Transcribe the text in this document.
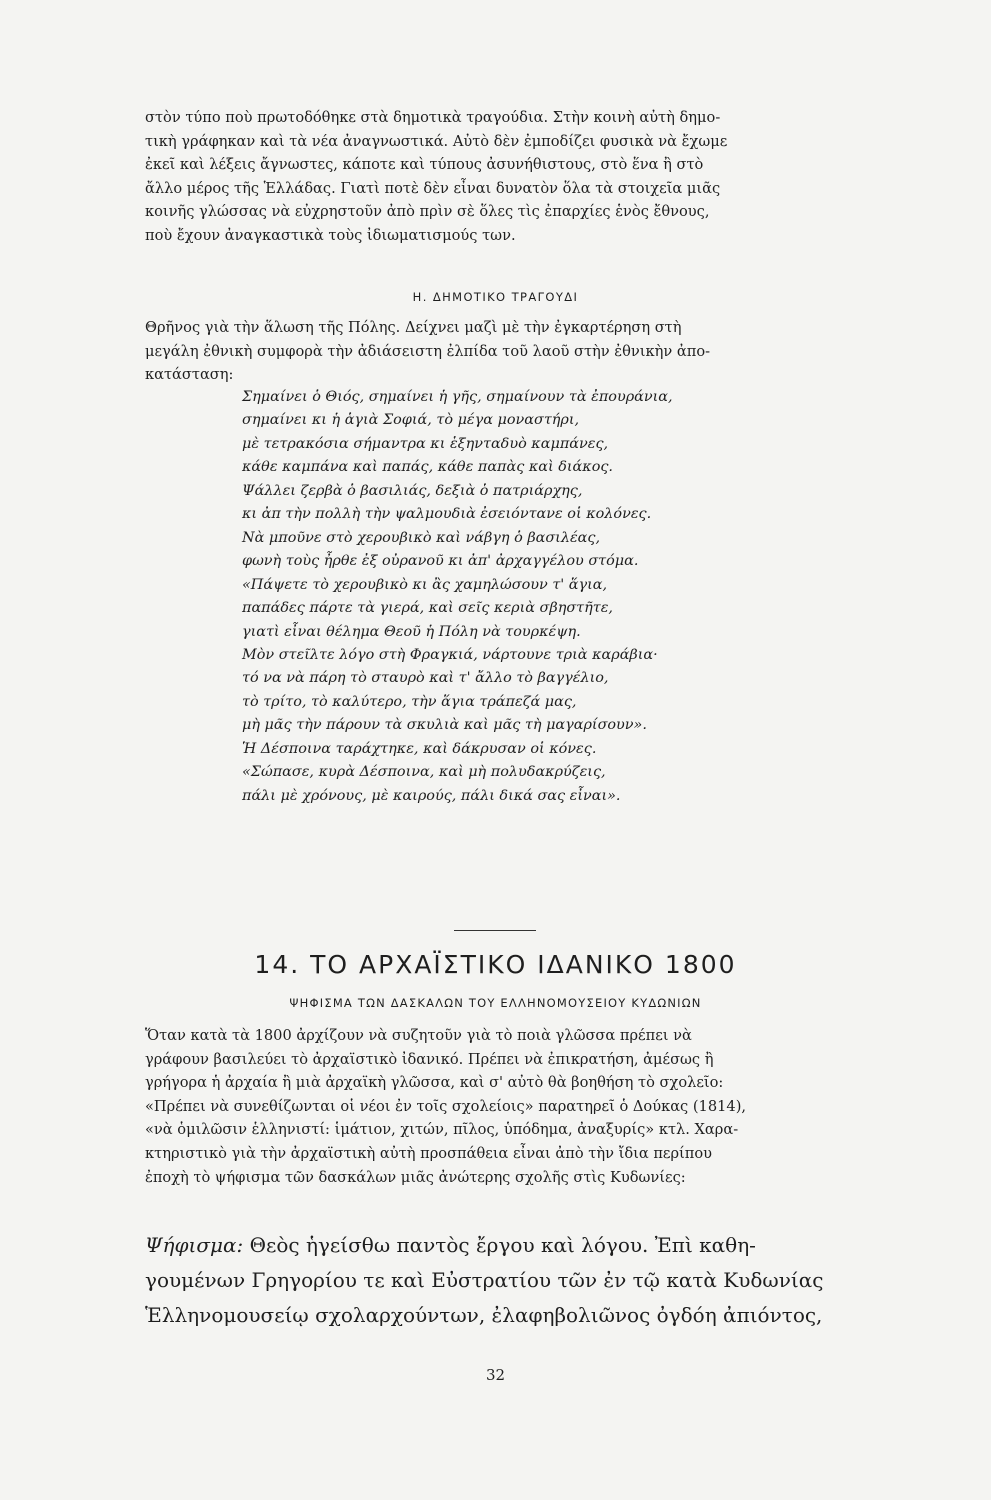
στὸν τύπο ποὺ πρωτοδόθηκε στὰ δημοτικὰ τραγούδια. Στὴν κοινὴ αὐτὴ δημο-
τικὴ γράφηκαν καὶ τὰ νέα ἀναγνωστικά. Αὐτὸ δὲν ἐμποδίζει φυσικὰ νὰ ἔχωμε
ἐκεῖ καὶ λέξεις ἄγνωστες, κάποτε καὶ τύπους ἀσυνήθιστους, στὸ ἕνα ἢ στὸ
ἄλλο μέρος τῆς Ἑλλάδας. Γιατὶ ποτὲ δὲν εἶναι δυνατὸν ὅλα τὰ στοιχεῖα μιᾶς
κοινῆς γλώσσας νὰ εὐχρηστοῦν ἀπὸ πρὶν σὲ ὅλες τὶς ἐπαρχίες ἑνὸς ἔθνους,
ποὺ ἔχουν ἀναγκαστικὰ τοὺς ἰδιωματισμούς των.
Η. ΔΗΜΟΤΙΚΟ ΤΡΑΓΟΥΔΙ
Θρῆνος γιὰ τὴν ἅλωση τῆς Πόλης. Δείχνει μαζὶ μὲ τὴν ἐγκαρτέρηση στὴ
μεγάλη ἐθνικὴ συμφορὰ τὴν ἀδιάσειστη ἐλπίδα τοῦ λαοῦ στὴν ἐθνικὴν ἀπο-
κατάσταση:
Σημαίνει ὁ Θιός, σημαίνει ἡ γῆς, σημαίνουν τὰ ἐπουράνια,
σημαίνει κι ἡ ἁγιὰ Σοφιά, τὸ μέγα μοναστήρι,
μὲ τετρακόσια σήμαντρα κι ἑξηνταδυὸ καμπάνες,
κάθε καμπάνα καὶ παπάς, κάθε παπὰς καὶ διάκος.
Ψάλλει ζερβὰ ὁ βασιλιάς, δεξιὰ ὁ πατριάρχης,
κι ἀπ τὴν πολλὴ τὴν ψαλμουδιὰ ἐσειόντανε οἱ κολόνες.
Νὰ μποῦνε στὸ χερουβικὸ καὶ νάβγη ὁ βασιλέας,
φωνὴ τοὺς ἦρθε ἐξ οὐρανοῦ κι ἀπ' ἀρχαγγέλου στόμα.
«Πάψετε τὸ χερουβικὸ κι ἂς χαμηλώσουν τ' ἅγια,
παπάδες πάρτε τὰ γιερά, καὶ σεῖς κεριὰ σβηστῆτε,
γιατὶ εἶναι θέλημα Θεοῦ ἡ Πόλη νὰ τουρκέψη.
Μὸν στεῖλτε λόγο στὴ Φραγκιά, νάρτουνε τριὰ καράβια·
τό να νὰ πάρη τὸ σταυρὸ καὶ τ' ἄλλο τὸ βαγγέλιο,
τὸ τρίτο, τὸ καλύτερο, τὴν ἅγια τράπεζά μας,
μὴ μᾶς τὴν πάρουν τὰ σκυλιὰ καὶ μᾶς τὴ μαγαρίσουν».
Ἡ Δέσποινα ταράχτηκε, καὶ δάκρυσαν οἱ κόνες.
«Σώπασε, κυρὰ Δέσποινα, καὶ μὴ πολυδακρύζεις,
πάλι μὲ χρόνους, μὲ καιρούς, πάλι δικά σας εἶναι».
14. ΤΟ ΑΡΧΑΪΣΤΙΚΟ ΙΔΑΝΙΚΟ 1800
ΨΗΦΙΣΜΑ ΤΩΝ ΔΑΣΚΑΛΩΝ ΤΟΥ ΕΛΛΗΝΟΜΟΥΣΕΙΟΥ ΚΥΔΩΝΙΩΝ
Ὅταν κατὰ τὰ 1800 ἀρχίζουν νὰ συζητοῦν γιὰ τὸ ποιὰ γλῶσσα πρέπει νὰ
γράφουν βασιλεύει τὸ ἀρχαϊστικὸ ἰδανικό. Πρέπει νὰ ἐπικρατήση, ἀμέσως ἢ
γρήγορα ἡ ἀρχαία ἢ μιὰ ἀρχαϊκὴ γλῶσσα, καὶ σ' αὐτὸ θὰ βοηθήση τὸ σχολεῖο:
«Πρέπει νὰ συνεθίζωνται οἱ νέοι ἐν τοῖς σχολείοις» παρατηρεῖ ὁ Δούκας (1814),
«νὰ ὁμιλῶσιν ἑλληνιστί: ἱμάτιον, χιτών, πῖλος, ὑπόδημα, ἀναξυρίς» κτλ. Χαρα-
κτηριστικὸ γιὰ τὴν ἀρχαϊστικὴ αὐτὴ προσπάθεια εἶναι ἀπὸ τὴν ἴδια περίπου
ἐποχὴ τὸ ψήφισμα τῶν δασκάλων μιᾶς ἀνώτερης σχολῆς στὶς Κυδωνίες:
Ψήφισμα: Θεὸς ἡγείσθω παντὸς ἔργου καὶ λόγου. Ἐπὶ καθη-
γουμένων Γρηγορίου τε καὶ Εὐστρατίου τῶν ἐν τῷ κατὰ Κυδωνίας
Ἑλληνομουσείῳ σχολαρχούντων, ἐλαφηβολιῶνος ὀγδόη ἀπιόντος,
32
